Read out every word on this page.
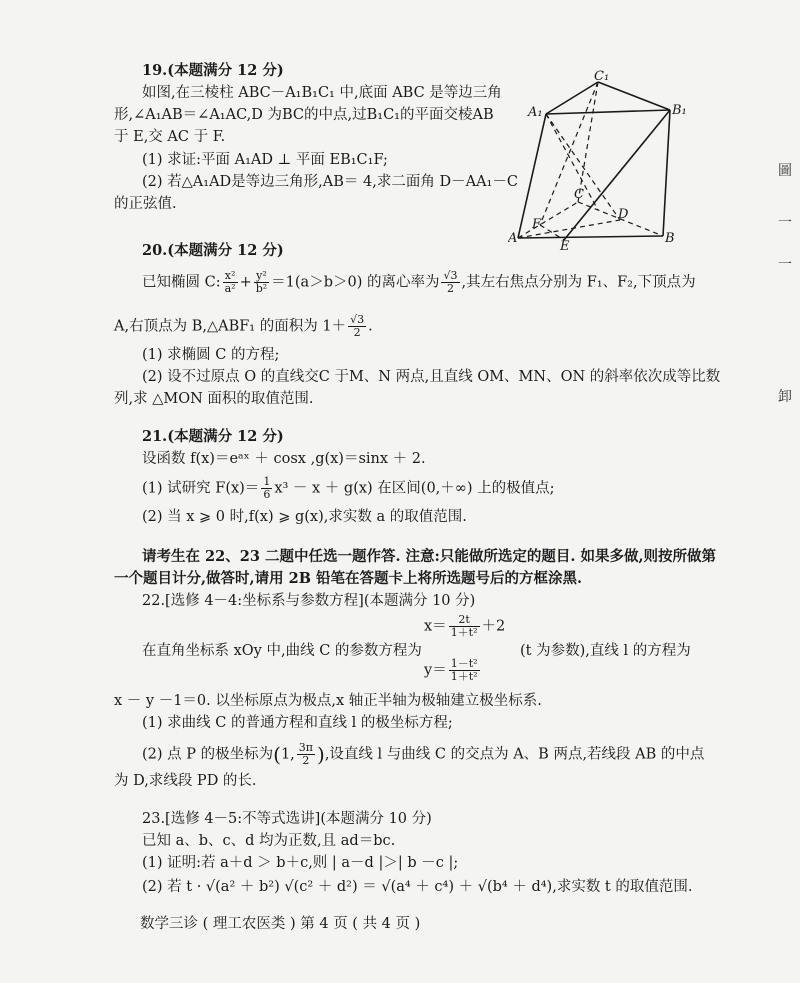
19.(本题满分 12 分)
如图,在三棱柱 ABC－A₁B₁C₁ 中,底面 ABC 是等边三角
形,∠A₁AB＝∠A₁AC,D 为BC的中点,过B₁C₁的平面交棱AB
于 E,交 AC 于 F.
(1) 求证:平面 A₁AD ⊥ 平面 EB₁C₁F;
(2) 若△A₁AD是等边三角形,AB＝ 4,求二面角 D－AA₁－C
的正弦值.
C₁
A₁	B₁
C
D
A
F
E
B
20.(本题满分 12 分)
已知椭圆 C: $\frac{\text{x²}}{\text{a²}} + \frac{\text{y²}}{\text{b²}} =1(a>b>0)$ 的离心率为 $\frac{√3}{2}$ ,其左右焦点分别为 F₁、F₂,下顶点为
A,右顶点为 B,△ABF₁ 的面积为 $1+ \frac{√3}{2}$ .
(1) 求椭圆 C 的方程;
(2) 设不过原点 O 的直线交C 于M、N 两点,且直线 OM、MN、ON 的斜率依次成等比数
列,求 △MON 面积的取值范围.
21.(本题满分 12 分)
设函数 f(x)＝eᵃˣ ＋ cosx ,g(x)＝sinx ＋ 2.
(1) 试研究 $F(x)= \frac{1}{6} x^3 - x + g(x)$ 在区间(0,＋∞) 上的极值点;
(2) 当 x ⩾ 0 时,f(x) ⩾ g(x),求实数 a 的取值范围.
请考生在 22、23 二题中任选一题作答. 注意:只能做所选定的题目. 如果多做,则按所做第
一个题目计分,做答时,请用 2B 铅笔在答题卡上将所选题号后的方框涂黑.
22.[选修 4－4:坐标系与参数方程](本题满分 10 分)
$x= \frac{2t}{\text{1＋t²}} +2$
在直角坐标系 xOy 中,曲线 C 的参数方程为	(t 为参数),直线 l 的方程为
$y= \frac{\text{1－t²}}{\text{1＋t²}}$
x － y －1＝0. 以坐标原点为极点,x 轴正半轴为极轴建立极坐标系.
(1) 求曲线 C 的普通方程和直线 l 的极坐标方程;
(2) 点 P 的极坐标为(1, $\frac{3\pi}{2}$ ),设直线 l 与曲线 C 的交点为 A、B 两点,若线段 AB 的中点
为 D,求线段 PD 的长.
23.[选修 4－5:不等式选讲](本题满分 10 分)
已知 a、b、c、d 均为正数,且 ad＝bc.
(1) 证明:若 a＋d ＞ b＋c,则 | a－d |＞| b －c |;
(2) 若 t · √(a² ＋ b²) √(c² ＋ d²) ＝ √(a⁴ ＋ c⁴) ＋ √(b⁴ ＋ d⁴),求实数 t 的取值范围.
数学三诊 ( 理工农医类 ) 第 4 页 ( 共 4 页 )
圖
一
一
卸
